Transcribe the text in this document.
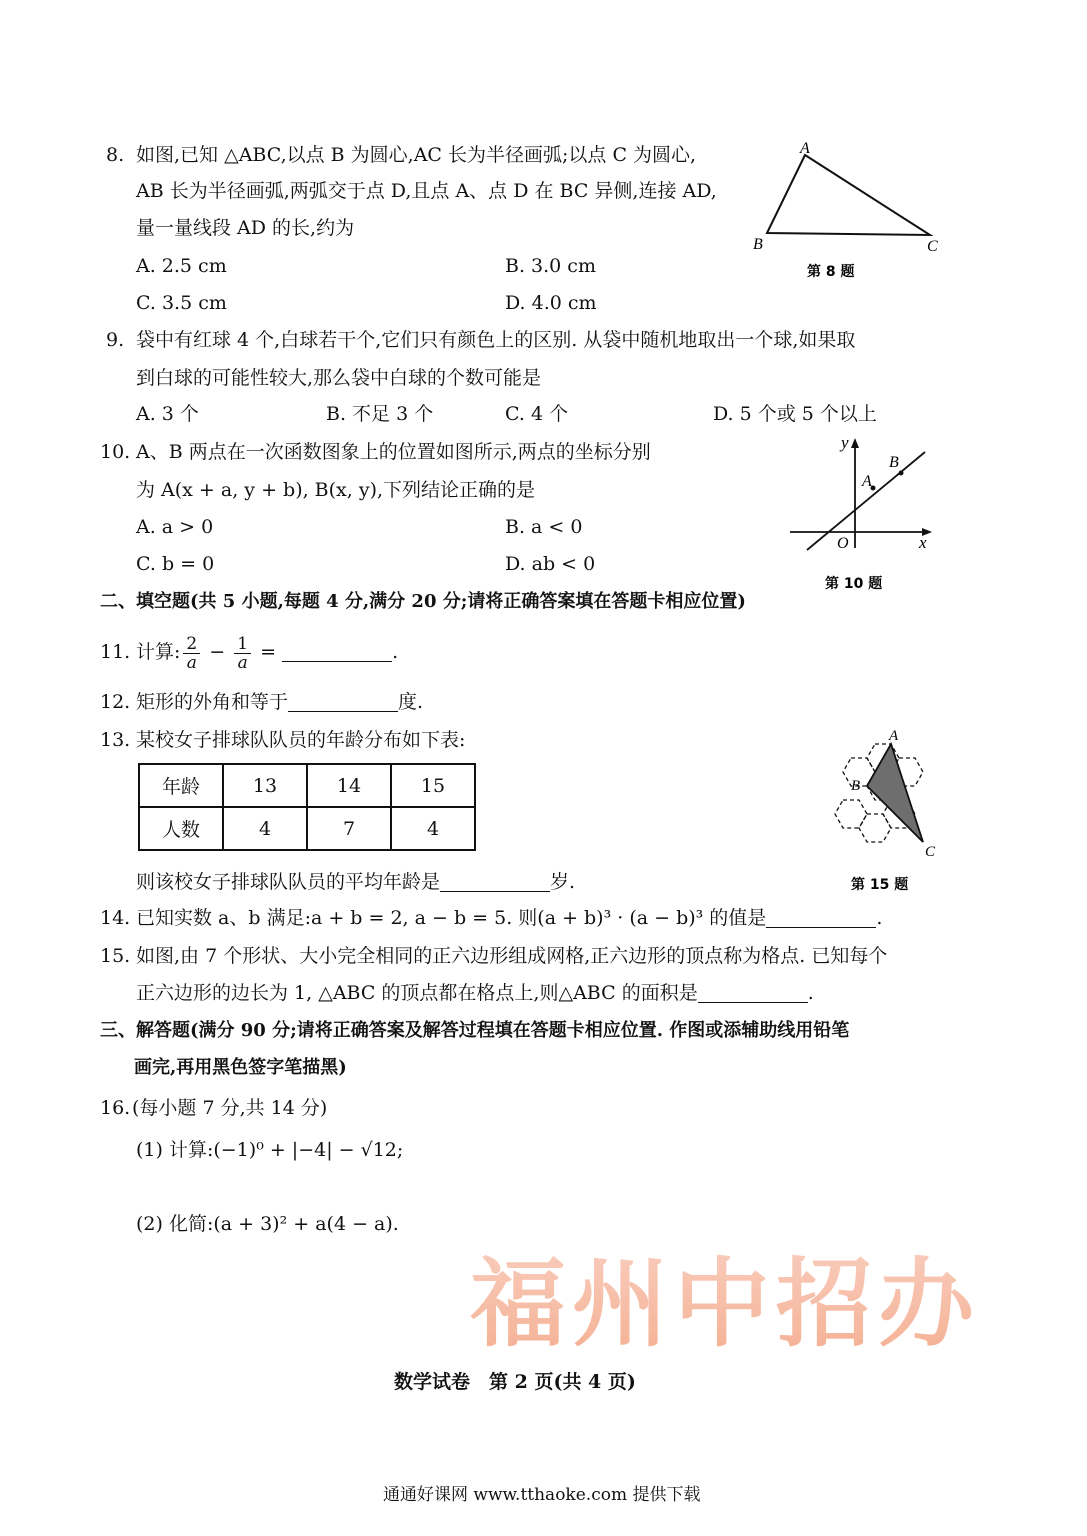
8. 如图,已知 △ABC,以点 B 为圆心,AC 长为半径画弧;以点 C 为圆心,
AB 长为半径画弧,两弧交于点 D,且点 A、点 D 在 BC 异侧,连接 AD,
量一量线段 AD 的长,约为
A. 2.5 cm	B. 3.0 cm
C. 3.5 cm	D. 4.0 cm
A
B	C
第 8 题
9. 袋中有红球 4 个,白球若干个,它们只有颜色上的区别. 从袋中随机地取出一个球,如果取
到白球的可能性较大,那么袋中白球的个数可能是
A. 3 个	B. 不足 3 个	C. 4 个	D. 5 个或 5 个以上
10. A、B 两点在一次函数图象上的位置如图所示,两点的坐标分别
为 A(x + a, y + b), B(x, y),下列结论正确的是
A. a > 0	B. a < 0
C. b = 0	D. ab < 0
y
x
O
A
B
第 10 题
二、填空题(共 5 小题,每题 4 分,满分 20 分;请将正确答案填在答题卡相应位置)
11. 计算: $\frac{2}{a} - \frac{1}{a}$ =	.
12. 矩形的外角和等于	度.
13. 某校女子排球队队员的年龄分布如下表:
年龄	13	14	15
人数	4	7	4
则该校女子排球队队员的平均年龄是	岁.
A
B
C
第 15 题
14. 已知实数 a、b 满足:a + b = 2, a − b = 5. 则(a + b)³ · (a − b)³ 的值是	.
15. 如图,由 7 个形状、大小完全相同的正六边形组成网格,正六边形的顶点称为格点. 已知每个
正六边形的边长为 1, △ABC 的顶点都在格点上,则△ABC 的面积是	.
三、解答题(满分 90 分;请将正确答案及解答过程填在答题卡相应位置. 作图或添辅助线用铅笔
画完,再用黑色签字笔描黑)
16. (每小题 7 分,共 14 分)
(1) 计算:(−1)⁰ + |−4| − √12;
(2) 化简:(a + 3)² + a(4 − a).
福州中招办
数学试卷　第 2 页(共 4 页)
通通好课网 www.tthaoke.com 提供下载
